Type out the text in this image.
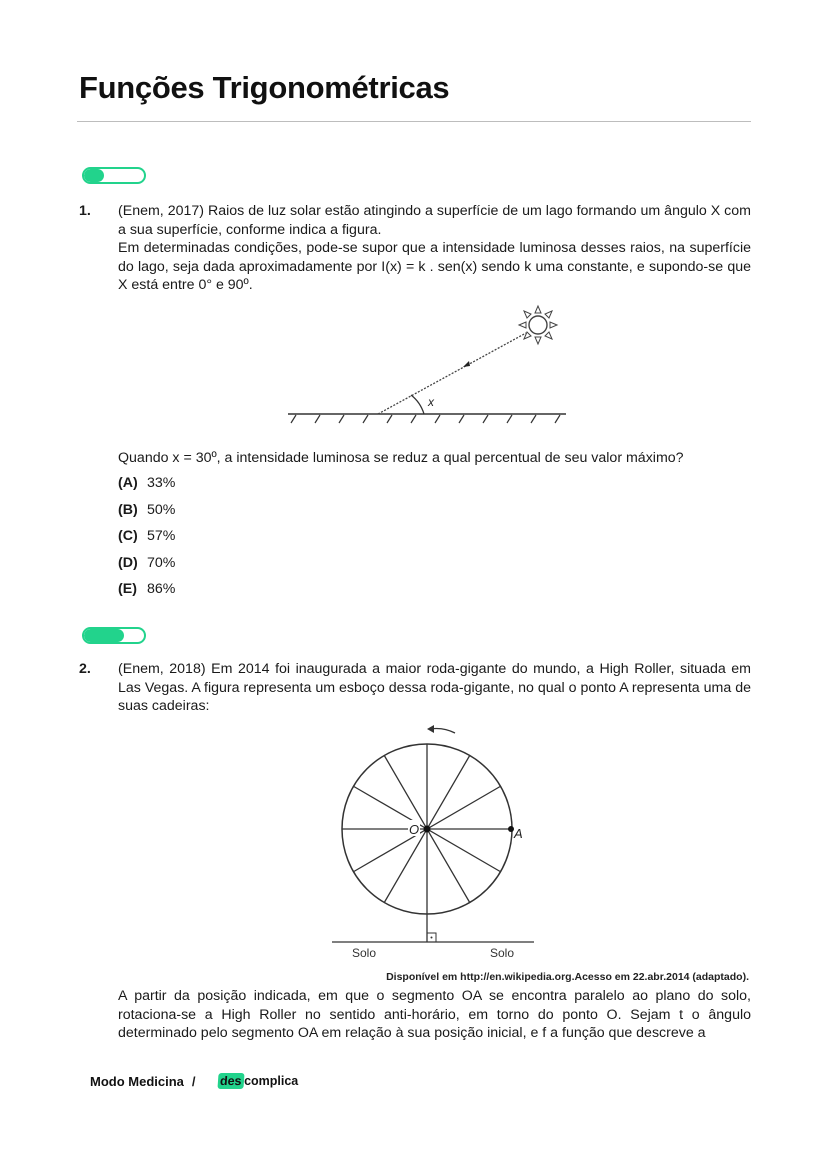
Funções Trigonométricas
1. (Enem, 2017) Raios de luz solar estão atingindo a superfície de um lago formando um ângulo X com a sua superfície, conforme indica a figura.

Em determinadas condições, pode-se supor que a intensidade luminosa desses raios, na superfície do lago, seja dada aproximadamente por I(x) = k . sen(x) sendo k uma constante, e supondo-se que X está entre 0° e 90º.

x
Quando x = 30º, a intensidade luminosa se reduz a qual percentual de seu valor máximo?
(A) 33%
(B) 50%
(C) 57%
(D) 70%
(E) 86%
2. (Enem, 2018) Em 2014 foi inaugurada a maior roda-gigante do mundo, a High Roller, situada em Las Vegas. A figura representa um esboço dessa roda-gigante, no qual o ponto A representa uma de suas cadeiras:

O	A
Solo	Solo
Disponível em http://en.wikipedia.org.Acesso em 22.abr.2014 (adaptado).

A partir da posição indicada, em que o segmento OA se encontra paralelo ao plano do solo, rotaciona-se a High Roller no sentido anti-horário, em torno do ponto O. Sejam t o ângulo determinado pelo segmento OA em relação à sua posição inicial, e f a função que descreve a

Modo Medicina / des complica
